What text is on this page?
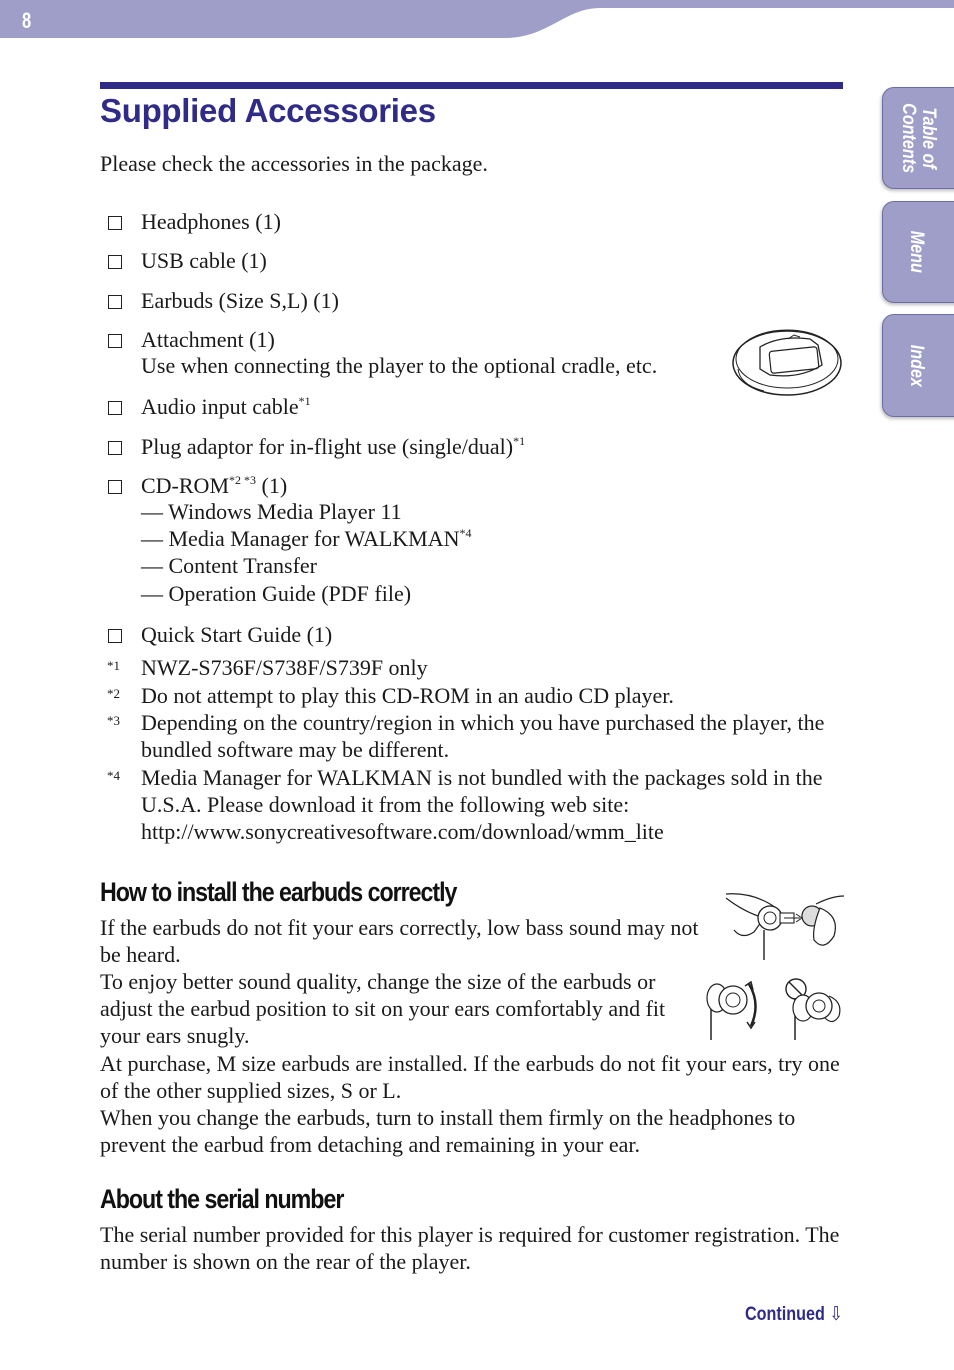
8
Table of Contents
Menu
Index
Supplied Accessories
Please check the accessories in the package.
Headphones (1)
USB cable (1)
Earbuds (Size S,L) (1)
Attachment (1)
Use when connecting the player to the optional cradle, etc.
Audio input cable$^{*1}$
Plug adaptor for in-flight use (single/dual)$^{*1}$
$CD-ROM^{*2 *3}$ (1)
— Windows Media Player 11
— Media Manager for WALKMAN$^{*4}$
— Content Transfer
— Operation Guide (PDF file)
Quick Start Guide (1)
*1 NWZ-S736F/S738F/S739F only
*2 Do not attempt to play this CD-ROM in an audio CD player.
*3 Depending on the country/region in which you have purchased the player, the bundled software may be different.
*4 Media Manager for WALKMAN is not bundled with the packages sold in the U.S.A. Please download it from the following web site:
http://www.sonycreativesoftware.com/download/wmm_lite
How to install the earbuds correctly
If the earbuds do not fit your ears correctly, low bass sound may not be heard.
To enjoy better sound quality, change the size of the earbuds or adjust the earbud position to sit on your ears comfortably and fit your ears snugly.
At purchase, M size earbuds are installed. If the earbuds do not fit your ears, try one of the other supplied sizes, S or L.
When you change the earbuds, turn to install them firmly on the headphones to prevent the earbud from detaching and remaining in your ear.
About the serial number
The serial number provided for this player is required for customer registration. The number is shown on the rear of the player.
Continued ⇩
